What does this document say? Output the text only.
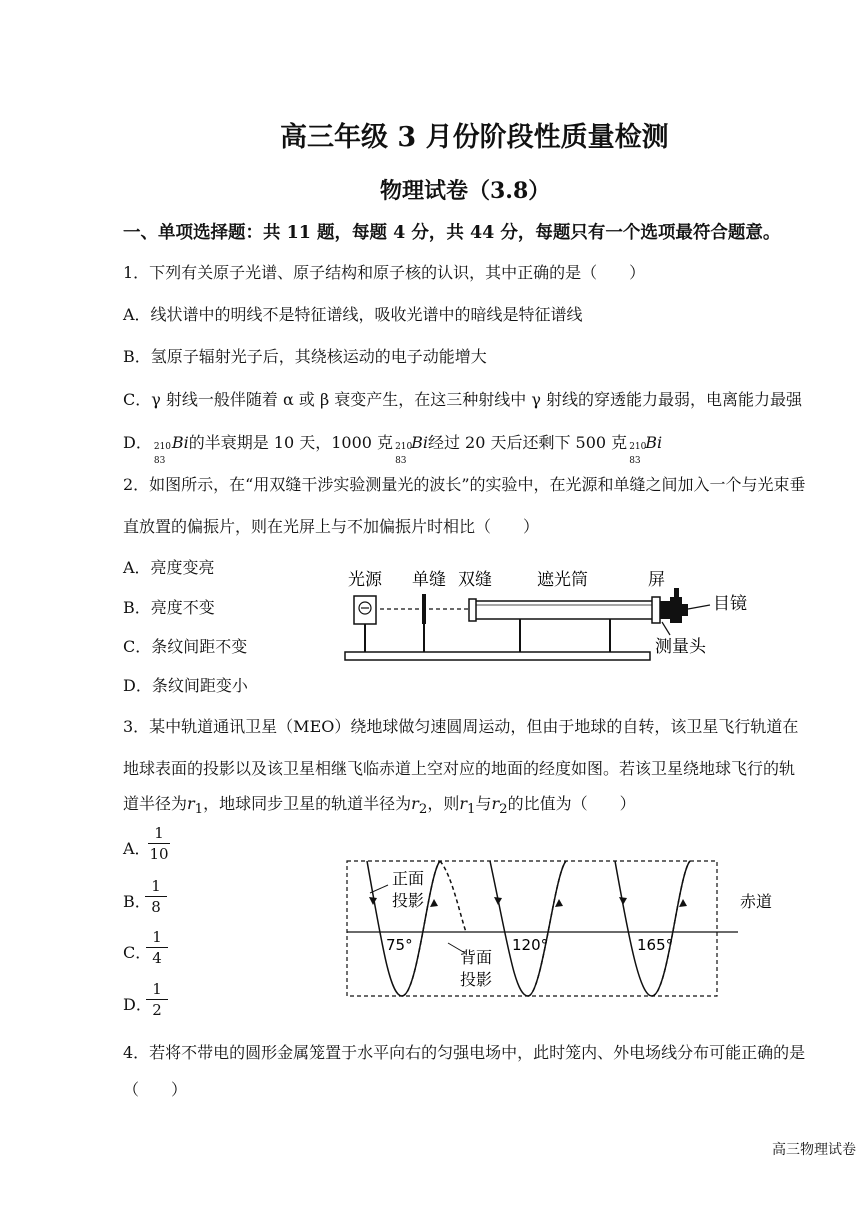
高三年级 3 月份阶段性质量检测
物理试卷（3.8）
一、单项选择题：共 11 题，每题 4 分，共 44 分，每题只有一个选项最符合题意。
1．下列有关原子光谱、原子结构和原子核的认识，其中正确的是（　　）
A．线状谱中的明线不是特征谱线，吸收光谱中的暗线是特征谱线
B．氢原子辐射光子后，其绕核运动的电子动能增大
C．γ 射线一般伴随着 α 或 β 衰变产生，在这三种射线中 γ 射线的穿透能力最弱，电离能力最强
D． 210
83
Bi的半衰期是 10 天，1000 克 210
83
Bi经过 20 天后还剩下 500 克 210
83
Bi
2．如图所示，在“用双缝干涉实验测量光的波长”的实验中，在光源和单缝之间加入一个与光束垂
直放置的偏振片，则在光屏上与不加偏振片时相比（　　）
A．亮度变亮
B．亮度不变
C．条纹间距不变
D．条纹间距变小
光源 单缝 双缝	遮光筒	屏
目镜
测量头
3．某中轨道通讯卫星（MEO）绕地球做匀速圆周运动，但由于地球的自转，该卫星飞行轨道在
地球表面的投影以及该卫星相继飞临赤道上空对应的地面的经度如图。若该卫星绕地球飞行的轨
道半径为$r_1$，地球同步卫星的轨道半径为$r_2$，则$r_1$与$r_2$的比值为（　　）
A．
1
10
B．
1
8
C．
1
4
D．
1
2
正面
投影
背面
投影
赤道
75°	120°	165°
4．若将不带电的圆形金属笼置于水平向右的匀强电场中，此时笼内、外电场线分布可能正确的是
（　　）
高三物理试卷
